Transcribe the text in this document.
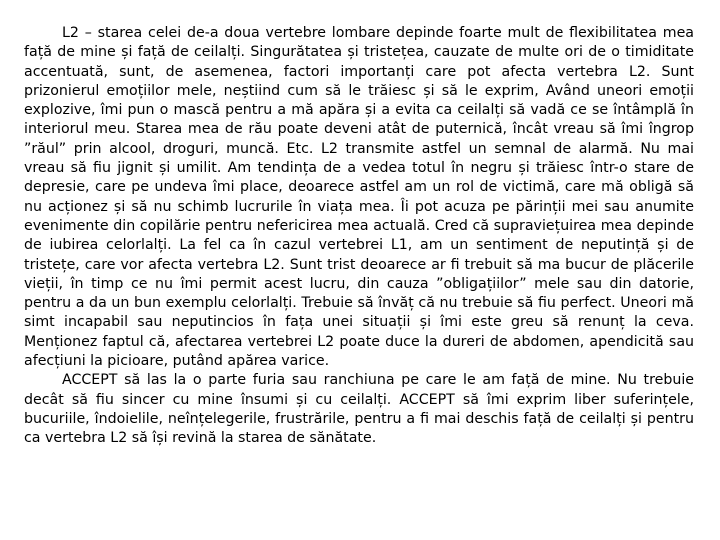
L2 – starea celei de-a doua vertebre lombare depinde foarte mult de flexibilitatea mea față de mine și față de ceilalți. Singurătatea și tristețea, cauzate de multe ori de o timiditate accentuată, sunt, de asemenea, factori importanți care pot afecta vertebra L2. Sunt prizonierul emoțiilor mele, neștiind cum să le trăiesc și să le exprim, Având uneori emoții explozive, îmi pun o mască pentru a mă apăra și a evita ca ceilalți să vadă ce se întâmplă în interiorul meu. Starea mea de rău poate deveni atât de puternică, încât vreau să îmi îngrop ”răul” prin alcool, droguri, muncă. Etc. L2 transmite astfel un semnal de alarmă. Nu mai vreau să fiu jignit și umilit. Am tendința de a vedea totul în negru și trăiesc într-o stare de depresie, care pe undeva îmi place, deoarece astfel am un rol de victimă, care mă obligă să nu acționez și să nu schimb lucrurile în viața mea. Îi pot acuza pe părinții mei sau anumite evenimente din copilărie pentru nefericirea mea actuală. Cred că supraviețuirea mea depinde de iubirea celorlalți. La fel ca în cazul vertebrei L1, am un sentiment de neputință și de tristețe, care vor afecta vertebra L2. Sunt trist deoarece ar fi trebuit să ma bucur de plăcerile vieții, în timp ce nu îmi permit acest lucru, din cauza ”obligațiilor” mele sau din datorie, pentru a da un bun exemplu celorlalți. Trebuie să învăț că nu trebuie să fiu perfect. Uneori mă simt incapabil sau neputincios în fața unei situații și îmi este greu să renunț la ceva. Menționez faptul că, afectarea vertebrei L2 poate duce la dureri de abdomen, apendicită sau afecțiuni la picioare, putând apărea varice.

ACCEPT să las la o parte furia sau ranchiuna pe care le am față de mine. Nu trebuie decât să fiu sincer cu mine însumi și cu ceilalți. ACCEPT să îmi exprim liber suferințele, bucuriile, îndoielile, neînțelegerile, frustrările, pentru a fi mai deschis față de ceilalți și pentru ca vertebra L2 să își revină la starea de sănătate.
